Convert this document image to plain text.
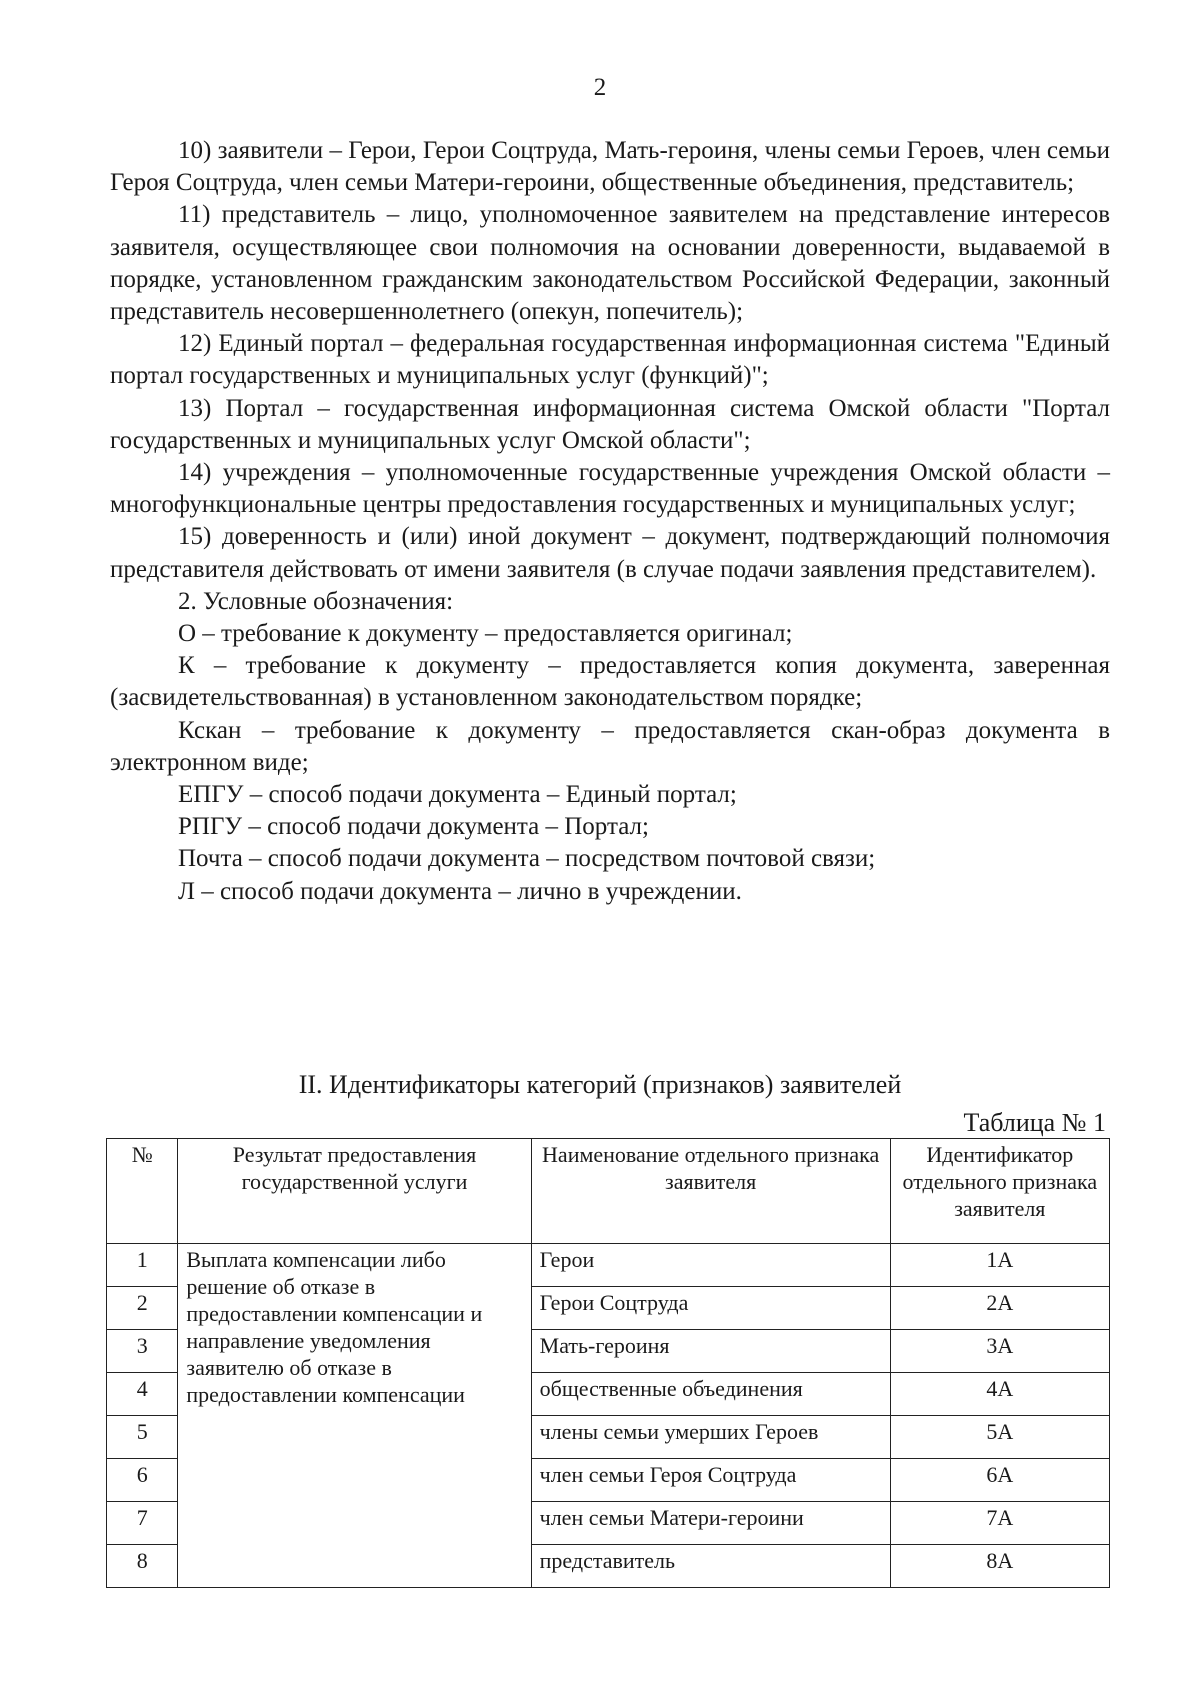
2

10) заявители – Герои, Герои Соцтруда, Мать-героиня, члены семьи Героев, член семьи Героя Соцтруда, член семьи Матери-героини, общественные объединения, представитель;

11) представитель – лицо, уполномоченное заявителем на представление интересов заявителя, осуществляющее свои полномочия на основании доверенности, выдаваемой в порядке, установленном гражданским законодательством Российской Федерации, законный представитель несовершеннолетнего (опекун, попечитель);

12) Единый портал – федеральная государственная информационная система "Единый портал государственных и муниципальных услуг (функций)";

13) Портал – государственная информационная система Омской области "Портал государственных и муниципальных услуг Омской области";

14) учреждения – уполномоченные государственные учреждения Омской области – многофункциональные центры предоставления государственных и муниципальных услуг;

15) доверенность и (или) иной документ – документ, подтверждающий полномочия представителя действовать от имени заявителя (в случае подачи заявления представителем).

2. Условные обозначения:

О – требование к документу – предоставляется оригинал;

К – требование к документу – предоставляется копия документа, заверенная (засвидетельствованная) в установленном законодательством порядке;

Кскан – требование к документу – предоставляется скан-образ документа в электронном виде;

ЕПГУ – способ подачи документа – Единый портал;

РПГУ – способ подачи документа – Портал;

Почта – способ подачи документа – посредством почтовой связи;

Л – способ подачи документа – лично в учреждении.

II. Идентификаторы категорий (признаков) заявителей
Таблица № 1
№	Результат предоставления государственной услуги	Наименование отдельного признака заявителя	Идентификатор отдельного признака заявителя
1	Выплата компенсации либо решение об отказе в предоставлении компенсации и направление уведомления заявителю об отказе в предоставлении компенсации	Герои	1А
2		Герои Соцтруда	2А
3		Мать-героиня	3А
4		общественные объединения	4А
5		члены семьи умерших Героев	5А
6		член семьи Героя Соцтруда	6А
7		член семьи Матери-героини	7А
8		представитель	8А
